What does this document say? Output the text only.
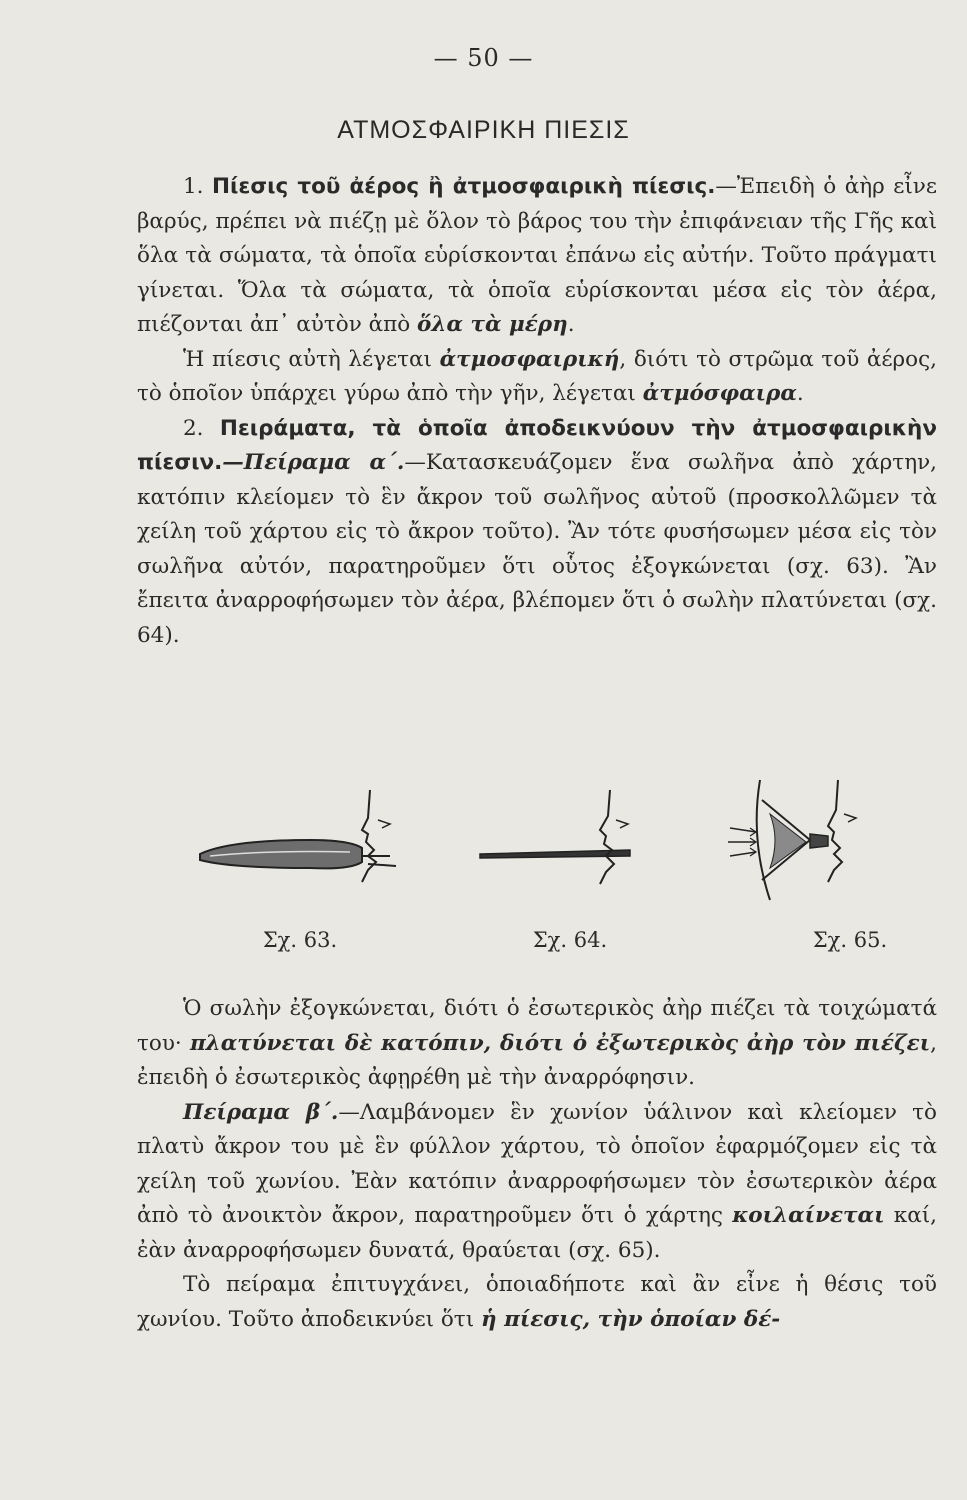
— 50 —
ΑΤΜΟΣΦΑΙΡΙΚΗ ΠΙΕΣΙΣ

1. Πίεσις τοῦ ἀέρος ἢ ἀτμοσφαιρικὴ πίεσις.—Ἐπειδὴ ὁ ἀὴρ εἶνε βαρύς, πρέπει νὰ πιέζῃ μὲ ὅλον τὸ βάρος του τὴν ἐπιφάνειαν τῆς Γῆς καὶ ὅλα τὰ σώματα, τὰ ὁποῖα εὑρίσκονται ἐπάνω εἰς αὐτήν. Τοῦτο πράγματι γίνεται. Ὅλα τὰ σώματα, τὰ ὁποῖα εὑρίσκονται μέσα εἰς τὸν ἀέρα, πιέζονται ἀπ᾽ αὐτὸν ἀπὸ ὅλα τὰ μέρη.

Ἡ πίεσις αὐτὴ λέγεται ἀτμοσφαιρική, διότι τὸ στρῶμα τοῦ ἀέρος, τὸ ὁποῖον ὑπάρχει γύρω ἀπὸ τὴν γῆν, λέγεται ἀτμόσφαιρα.

2. Πειράματα, τὰ ὁποῖα ἀποδεικνύουν τὴν ἀτμοσφαιρικὴν πίεσιν.—Πείραμα α΄.—Κατασκευάζομεν ἕνα σωλῆνα ἀπὸ χάρτην, κατόπιν κλείομεν τὸ ἓν ἄκρον τοῦ σωλῆνος αὐτοῦ (προσκολλῶμεν τὰ χείλη τοῦ χάρτου εἰς τὸ ἄκρον τοῦτο). Ἂν τότε φυσήσωμεν μέσα εἰς τὸν σωλῆνα αὐτόν, παρατηροῦμεν ὅτι οὗτος ἐξογκώνεται (σχ. 63). Ἂν ἔπειτα ἀναρροφήσωμεν τὸν ἀέρα, βλέπομεν ὅτι ὁ σωλὴν πλατύνεται (σχ. 64).

Σχ. 63.	Σχ. 64.	Σχ. 65.

Ὁ σωλὴν ἐξογκώνεται, διότι ὁ ἐσωτερικὸς ἀὴρ πιέζει τὰ τοιχώματά του· πλατύνεται δὲ κατόπιν, διότι ὁ ἐξωτερικὸς ἀὴρ τὸν πιέζει, ἐπειδὴ ὁ ἐσωτερικὸς ἀφῃρέθη μὲ τὴν ἀναρρόφησιν.

Πείραμα β΄.—Λαμβάνομεν ἓν χωνίον ὑάλινον καὶ κλείομεν τὸ πλατὺ ἄκρον του μὲ ἓν φύλλον χάρτου, τὸ ὁποῖον ἐφαρμόζομεν εἰς τὰ χείλη τοῦ χωνίου. Ἐὰν κατόπιν ἀναρροφήσωμεν τὸν ἐσωτερικὸν ἀέρα ἀπὸ τὸ ἀνοικτὸν ἄκρον, παρατηροῦμεν ὅτι ὁ χάρτης κοιλαίνεται καί, ἐὰν ἀναρροφήσωμεν δυνατά, θραύεται (σχ. 65).

Τὸ πείραμα ἐπιτυγχάνει, ὁποιαδήποτε καὶ ἂν εἶνε ἡ θέσις τοῦ χωνίου. Τοῦτο ἀποδεικνύει ὅτι ἡ πίεσις, τὴν ὁποίαν δέ-
